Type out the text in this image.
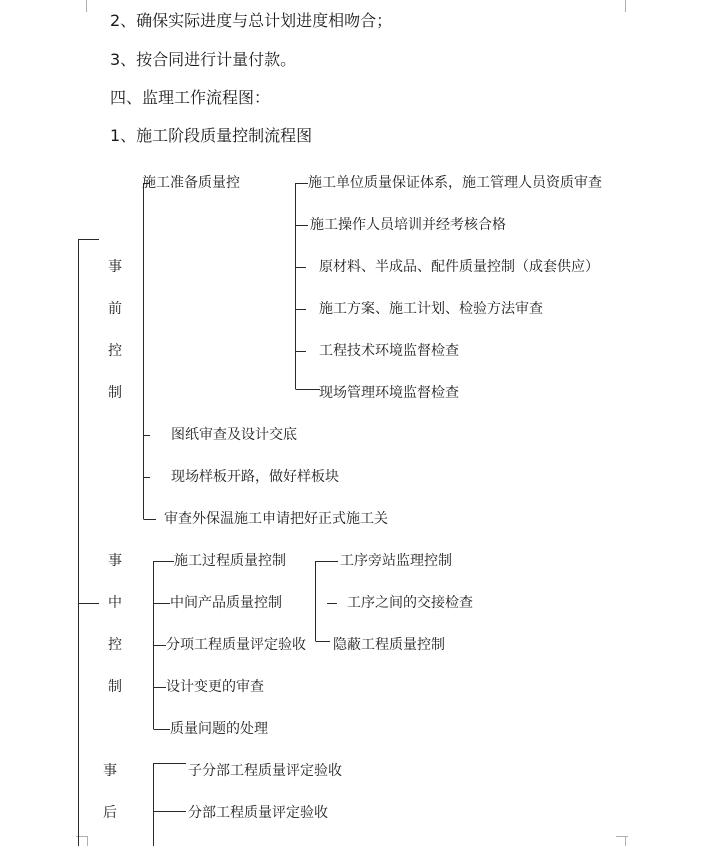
2、确保实际进度与总计划进度相吻合；
3、按合同进行计量付款。
四、监理工作流程图：
1、施工阶段质量控制流程图
事
前
控
制
施工准备质量控
图纸审查及设计交底
现场样板开路，做好样板块
审查外保温施工申请把好正式施工关
施工单位质量保证体系，施工管理人员资质审查
施工操作人员培训并经考核合格
原材料、半成品、配件质量控制（成套供应）
施工方案、施工计划、检验方法审查
工程技术环境监督检查
现场管理环境监督检查
事
中
控
制
施工过程质量控制
中间产品质量控制
分项工程质量评定验收
设计变更的审查
质量问题的处理
工序旁站监理控制
工序之间的交接检查
隐蔽工程质量控制
事
后
子分部工程质量评定验收
分部工程质量评定验收
